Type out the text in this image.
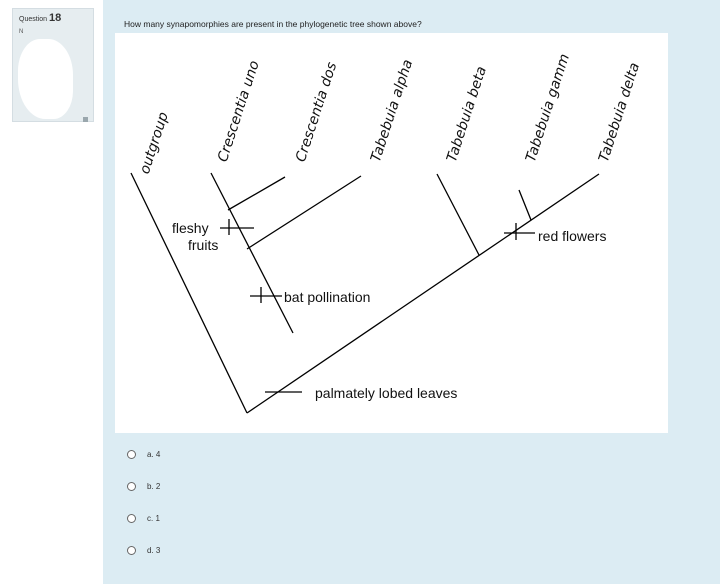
Question 18
N
How many synapomorphies are present in the phylogenetic tree shown above?
outgroup	Crescentia uno Crescentia dos Tabebuia alpha Tabebuia beta Tabebuia gamm Tabebuia delta
fleshy
fruits
bat pollination
palmately lobed leaves
red flowers
a. 4
b. 2
c. 1
d. 3
